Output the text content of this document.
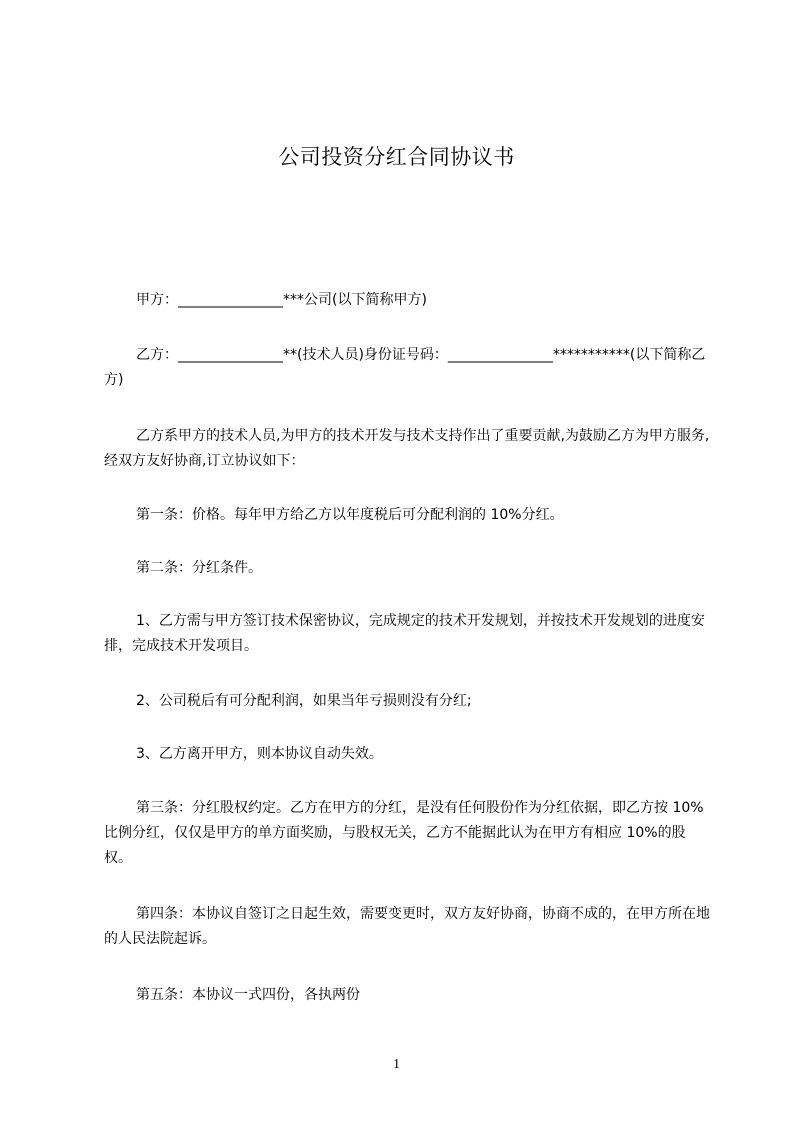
公司投资分红合同协议书
甲方：_______________***公司(以下简称甲方)
乙方：_______________**(技术人员)身份证号码：_______________***********(以下简称乙方)
乙方系甲方的技术人员,为甲方的技术开发与技术支持作出了重要贡献,为鼓励乙方为甲方服务,经双方友好协商,订立协议如下：
第一条：价格。每年甲方给乙方以年度税后可分配利润的 10%分红。
第二条：分红条件。
1、乙方需与甲方签订技术保密协议，完成规定的技术开发规划，并按技术开发规划的进度安排，完成技术开发项目。
2、公司税后有可分配利润，如果当年亏损则没有分红;
3、乙方离开甲方，则本协议自动失效。
第三条：分红股权约定。乙方在甲方的分红，是没有任何股份作为分红依据，即乙方按 10%比例分红，仅仅是甲方的单方面奖励，与股权无关，乙方不能据此认为在甲方有相应 10%的股权。
第四条：本协议自签订之日起生效，需要变更时，双方友好协商，协商不成的，在甲方所在地的人民法院起诉。
第五条：本协议一式四份，各执两份
1
